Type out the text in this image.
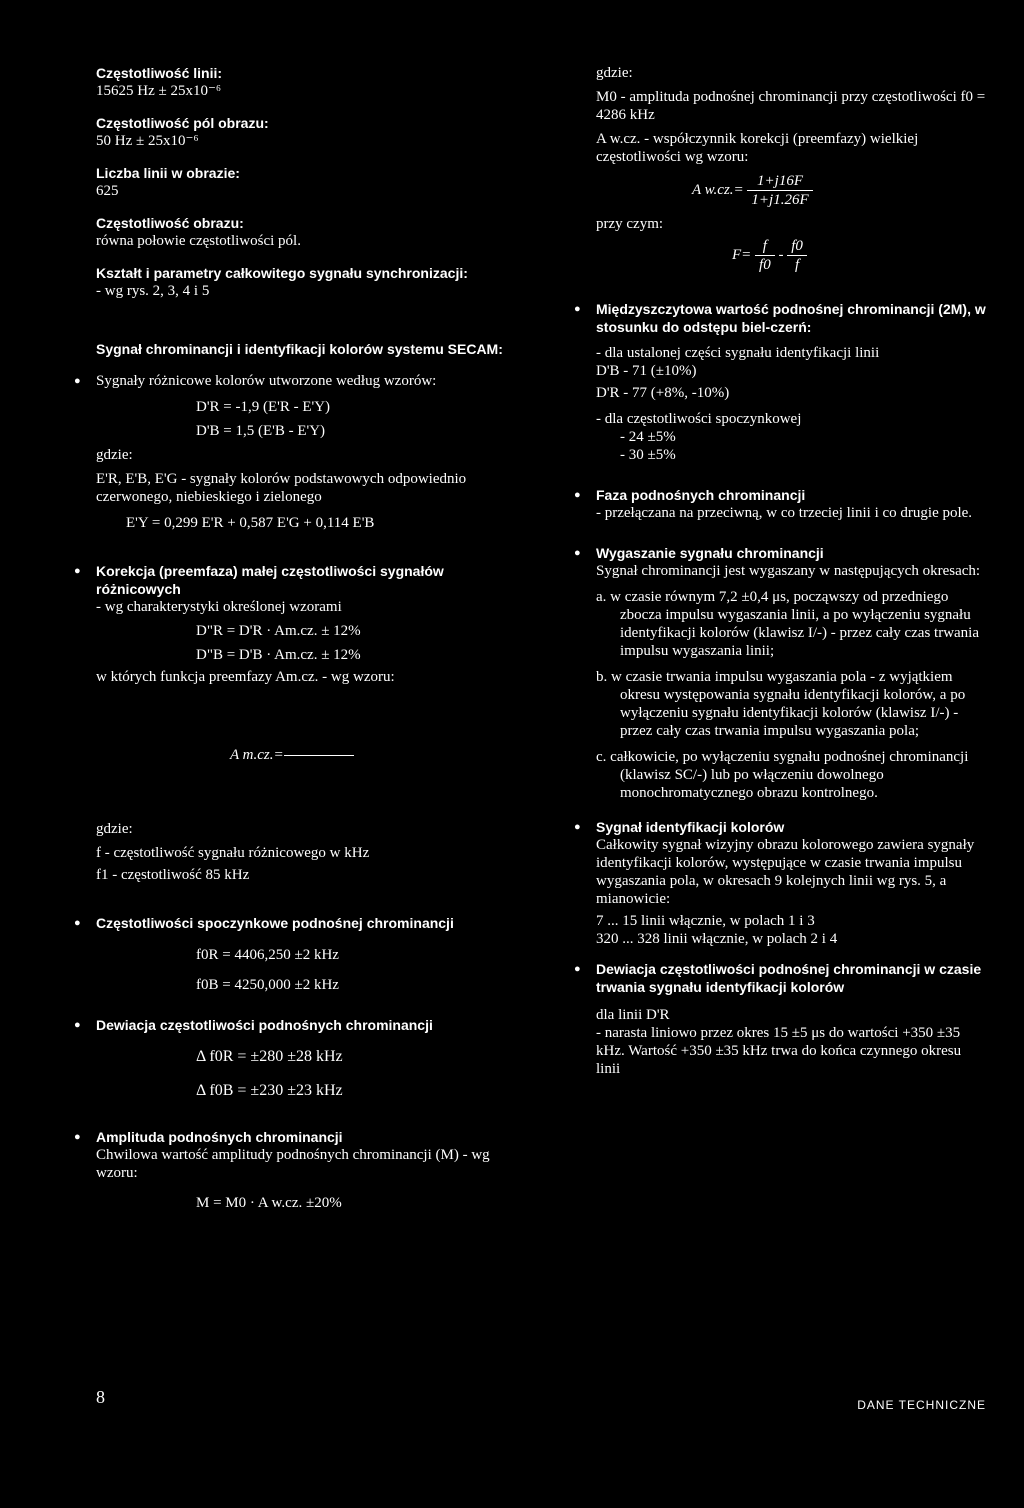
Częstotliwość linii:

15625 Hz ± 25x10⁻⁶

Częstotliwość pól obrazu:

50 Hz ± 25x10⁻⁶

Liczba linii w obrazie:

625

Częstotliwość obrazu:

równa połowie częstotliwości pól.

Kształt i parametry całkowitego sygnału synchronizacji:

- wg rys. 2, 3, 4 i 5

Sygnał chrominancji i identyfikacji kolorów systemu SECAM:

● Sygnały różnicowe kolorów utworzone według wzorów:

D'R = -1,9 (E'R - E'Y)

D'B = 1,5 (E'B - E'Y)

gdzie:

E'R, E'B, E'G - sygnały kolorów podstawowych odpowiednio czerwonego, niebieskiego i zielonego

E'Y = 0,299 E'R + 0,587 E'G + 0,114 E'B

● Korekcja (preemfaza) małej częstotliwości sygnałów różnicowych

- wg charakterystyki określonej wzorami

D"R = D'R · Am.cz. ± 12%

D"B = D'B · Am.cz. ± 12%

w których funkcja preemfazy Am.cz. - wg wzoru:

A m.cz.=

gdzie:

f - częstotliwość sygnału różnicowego w kHz

f1 - częstotliwość 85 kHz

● Częstotliwości spoczynkowe podnośnej chrominancji

f0R = 4406,250 ±2 kHz

f0B = 4250,000 ±2 kHz

● Dewiacja częstotliwości podnośnych chrominancji

Δ f0R = ±280 ±28 kHz

Δ f0B = ±230 ±23 kHz

● Amplituda podnośnych chrominancji

Chwilowa wartość amplitudy podnośnych chrominancji (M) - wg wzoru:

M = M0 · A w.cz. ±20%

gdzie:

M0 - amplituda podnośnej chrominancji przy częstotliwości f0 = 4286 kHz

A w.cz. - współczynnik korekcji (preemfazy) wielkiej częstotliwości wg wzoru:

A $w.cz.= \frac{1+j16F}{1+j1.26F}$

przy czym:

$F= \frac{f}{f0} - \frac{f0}{f}$

● Międzyszczytowa wartość podnośnej chrominancji (2M), w stosunku do odstępu biel-czerń:

- dla ustalonej części sygnału identyfikacji linii

D'B - 71 (±10%)

D'R - 77 (+8%, -10%)

- dla częstotliwości spoczynkowej

- 24 ±5%

- 30 ±5%

● Faza podnośnych chrominancji

- przełączana na przeciwną, w co trzeciej linii i co drugie pole.

● Wygaszanie sygnału chrominancji

Sygnał chrominancji jest wygaszany w następujących okresach:

a. w czasie równym 7,2 ±0,4 μs, począwszy od przedniego zbocza impulsu wygaszania linii, a po wyłączeniu sygnału identyfikacji kolorów (klawisz I/-) - przez cały czas trwania impulsu wygaszania linii;

b. w czasie trwania impulsu wygaszania pola - z wyjątkiem okresu występowania sygnału identyfikacji kolorów, a po wyłączeniu sygnału identyfikacji kolorów (klawisz I/-) - przez cały czas trwania impulsu wygaszania pola;

c. całkowicie, po wyłączeniu sygnału podnośnej chrominancji (klawisz SC/-) lub po włączeniu dowolnego monochromatycznego obrazu kontrolnego.

● Sygnał identyfikacji kolorów

Całkowity sygnał wizyjny obrazu kolorowego zawiera sygnały identyfikacji kolorów, występujące w czasie trwania impulsu wygaszania pola, w okresach 9 kolejnych linii wg rys. 5, a mianowicie:

7 ... 15 linii włącznie, w polach 1 i 3

320 ... 328 linii włącznie, w polach 2 i 4

● Dewiacja częstotliwości podnośnej chrominancji w czasie trwania sygnału identyfikacji kolorów

dla linii D'R

- narasta liniowo przez okres 15 ±5 μs do wartości +350 ±35 kHz. Wartość +350 ±35 kHz trwa do końca czynnego okresu linii

8	DANE TECHNICZNE
